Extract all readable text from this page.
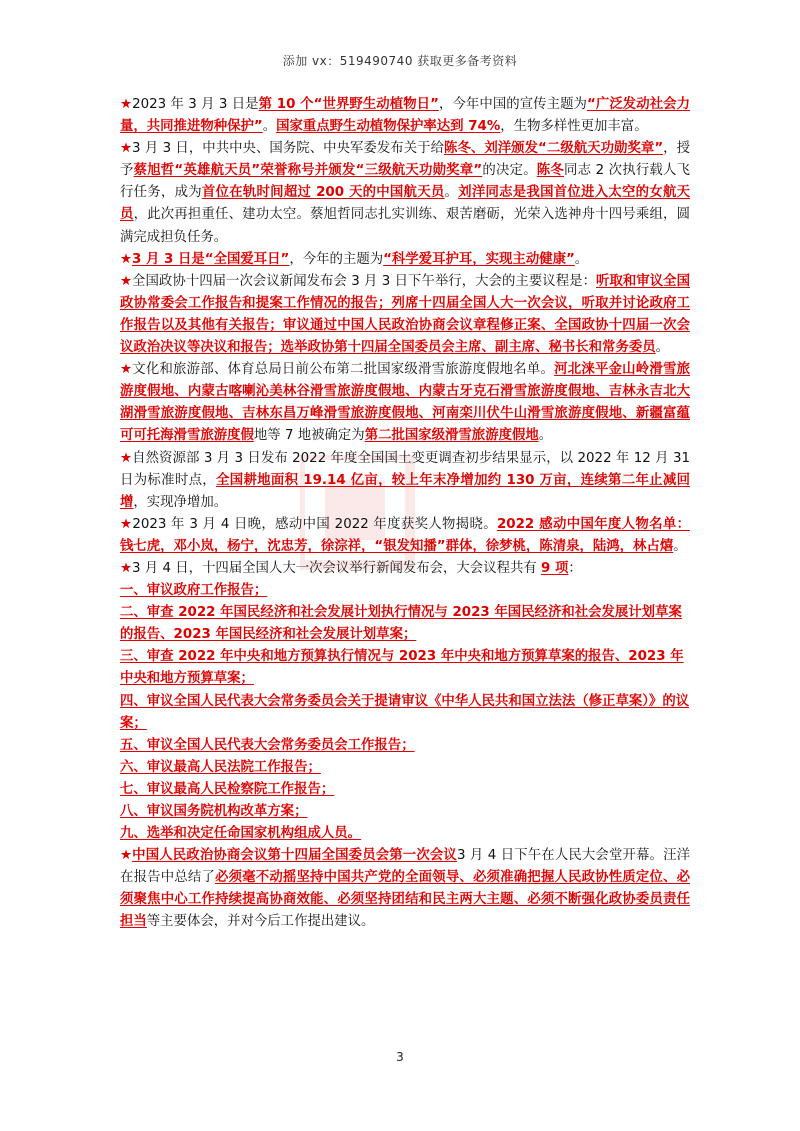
添加 vx：519490740 获取更多备考资料

★2023 年 3 月 3 日是第 10 个“世界野生动植物日”，今年中国的宣传主题为“广泛发动社会力量，共同推进物种保护”。国家重点野生动植物保护率达到 74%，生物多样性更加丰富。

★3 月 3 日，中共中央、国务院、中央军委发布关于给陈冬、刘洋颁发“二级航天功勋奖章”，授予蔡旭哲“英雄航天员”荣誉称号并颁发“三级航天功勋奖章”的决定。陈冬同志 2 次执行载人飞行任务，成为首位在轨时间超过 200 天的中国航天员。刘洋同志是我国首位进入太空的女航天员，此次再担重任、建功太空。蔡旭哲同志扎实训练、艰苦磨砺，光荣入选神舟十四号乘组，圆满完成担负任务。

★3 月 3 日是“全国爱耳日”，今年的主题为“科学爱耳护耳，实现主动健康”。

★全国政协十四届一次会议新闻发布会 3 月 3 日下午举行，大会的主要议程是：听取和审议全国政协常委会工作报告和提案工作情况的报告；列席十四届全国人大一次会议，听取并讨论政府工作报告以及其他有关报告；审议通过中国人民政治协商会议章程修正案、全国政协十四届一次会议政治决议等决议和报告；选举政协第十四届全国委员会主席、副主席、秘书长和常务委员。

★文化和旅游部、体育总局日前公布第二批国家级滑雪旅游度假地名单。河北涞平金山岭滑雪旅游度假地、内蒙古喀喇沁美林谷滑雪旅游度假地、内蒙古牙克石滑雪旅游度假地、吉林永吉北大湖滑雪旅游度假地、吉林东昌万峰滑雪旅游度假地、河南栾川伏牛山滑雪旅游度假地、新疆富蕴可可托海滑雪旅游度假地等 7 地被确定为第二批国家级滑雪旅游度假地。

★自然资源部 3 月 3 日发布 2022 年度全国国土变更调查初步结果显示，以 2022 年 12 月 31 日为标准时点，全国耕地面积 19.14 亿亩，较上年末净增加约 130 万亩，连续第二年止减回增，实现净增加。

★2023 年 3 月 4 日晚，感动中国 2022 年度获奖人物揭晓。2022 感动中国年度人物名单：钱七虎，邓小岚，杨宁，沈忠芳，徐淙祥，“银发知播”群体，徐梦桃，陈清泉，陆鸿，林占熺。

★3 月 4 日，十四届全国人大一次会议举行新闻发布会，大会议程共有 9 项：

一、审议政府工作报告；

二、审查 2022 年国民经济和社会发展计划执行情况与 2023 年国民经济和社会发展计划草案的报告、2023 年国民经济和社会发展计划草案；

三、审查 2022 年中央和地方预算执行情况与 2023 年中央和地方预算草案的报告、2023 年中央和地方预算草案；

四、审议全国人民代表大会常务委员会关于提请审议《中华人民共和国立法法（修正草案）》的议案；

五、审议全国人民代表大会常务委员会工作报告；

六、审议最高人民法院工作报告；

七、审议最高人民检察院工作报告；

八、审议国务院机构改革方案；

九、选举和决定任命国家机构组成人员。

★中国人民政治协商会议第十四届全国委员会第一次会议3 月 4 日下午在人民大会堂开幕。汪洋在报告中总结了必须毫不动摇坚持中国共产党的全面领导、必须准确把握人民政协性质定位、必须聚焦中心工作持续提高协商效能、必须坚持团结和民主两大主题、必须不断强化政协委员责任担当等主要体会，并对今后工作提出建议。

3
